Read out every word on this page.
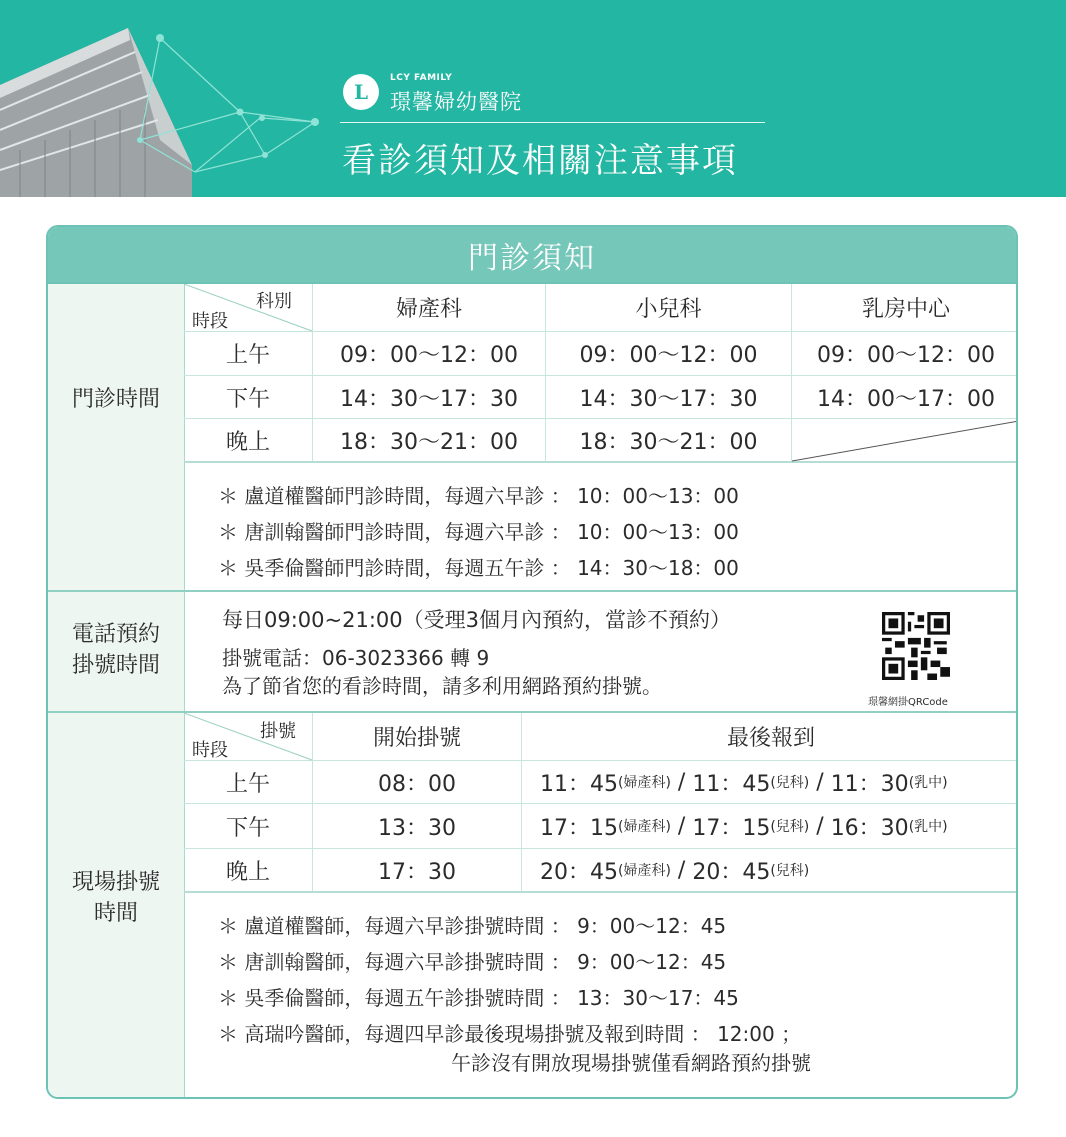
L
LCY FAMILY
璟馨婦幼醫院
看診須知及相關注意事項
門診須知
門診時間
科別
時段	婦產科	小兒科	乳房中心
上午	09：00～12：00	09：00～12：00	09：00～12：00
下午	14：30～17：30	14：30～17：30	14：00～17：00
晚上	18：30～21：00	18：30～21：00
＊ 盧道權醫師門診時間，每週六早診 ： 10：00～13：00
＊ 唐訓翰醫師門診時間，每週六早診 ： 10：00～13：00
＊ 吳季倫醫師門診時間，每週五午診 ： 14：30～18：00
電話預約
掛號時間
每日09:00~21:00（受理3個月內預約，當診不預約）
掛號電話：06-3023366 轉 9
為了節省您的看診時間，請多利用網路預約掛號。
璟馨網掛QRCode
現場掛號
時間
掛號
時段	開始掛號	最後報到
上午	08：00	11：45 (婦產科) / 11：45 (兒科) / 11：30 (乳中)
下午	13：30	17：15 (婦產科) / 17：15 (兒科) / 16：30 (乳中)
晚上	17：30	20：45 (婦產科) / 20：45 (兒科)
＊ 盧道權醫師，每週六早診掛號時間 ： 9：00～12：45
＊ 唐訓翰醫師，每週六早診掛號時間 ： 9：00～12：45
＊ 吳季倫醫師，每週五午診掛號時間 ： 13：30～17：45
＊ 高瑞吟醫師，每週四早診最後現場掛號及報到時間 ： 12:00 ；
午診沒有開放現場掛號僅看網路預約掛號
